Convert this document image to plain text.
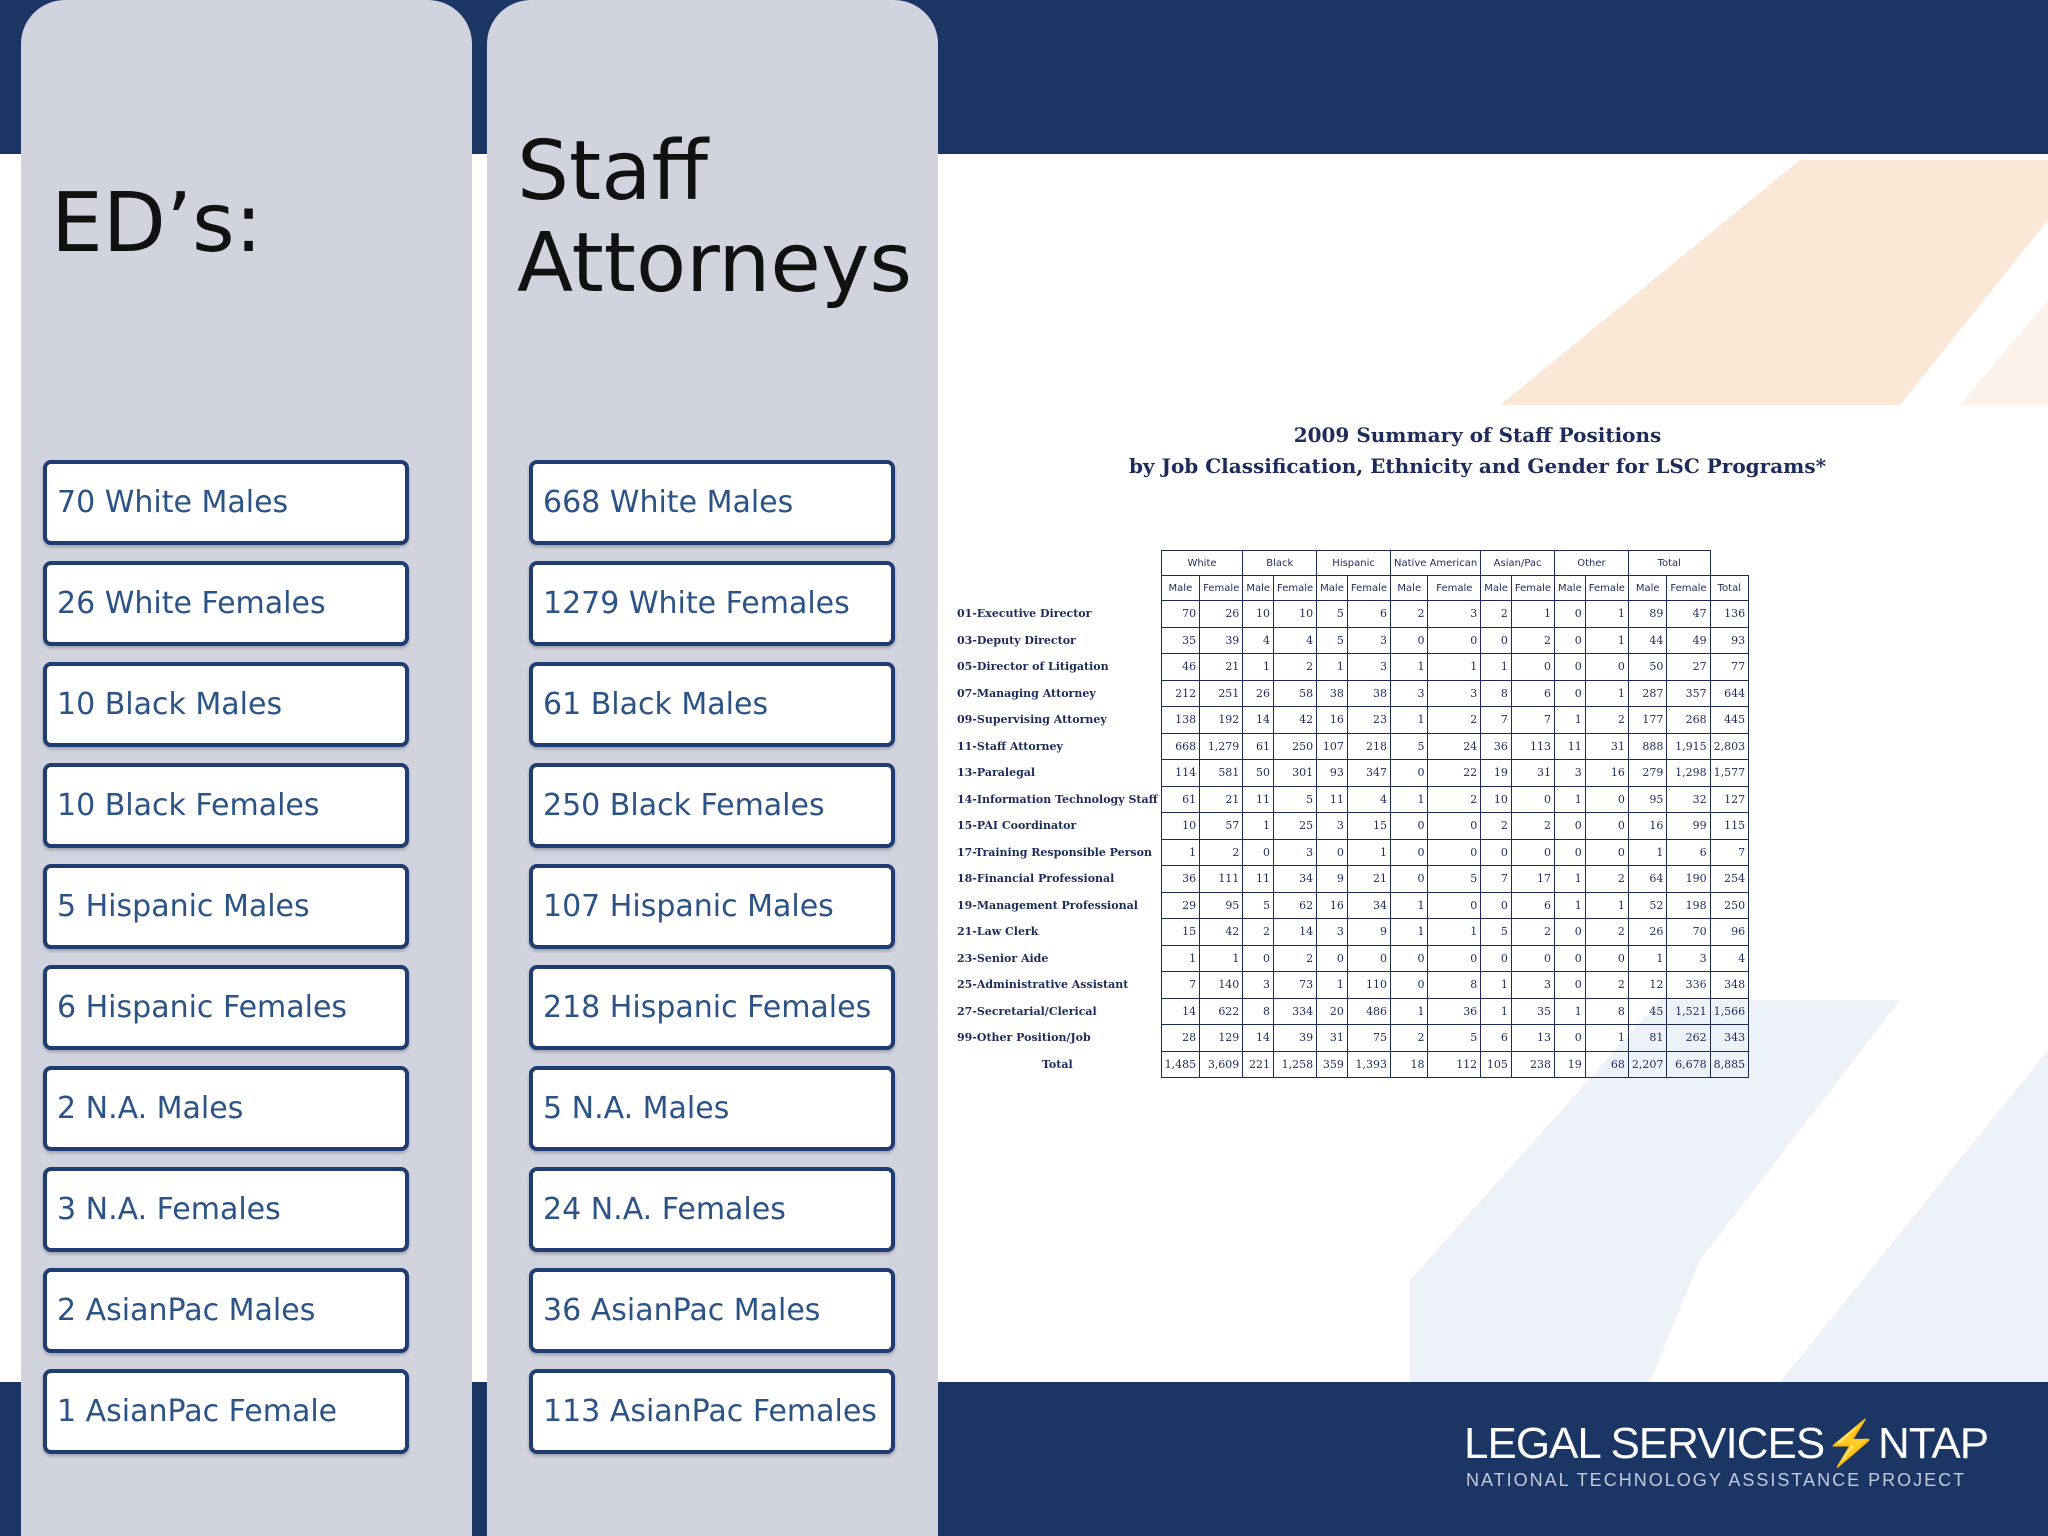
ED’s:
Staff Attorneys
70 White Males
26 White Females
10 Black Males
10 Black Females
5 Hispanic Males
6 Hispanic Females
2 N.A. Males
3 N.A. Females
2 AsianPac Males
1 AsianPac Female
668 White Males
1279 White Females
61 Black Males
250 Black Females
107 Hispanic Males
218 Hispanic Females
5 N.A. Males
24 N.A. Females
36 AsianPac Males
113 AsianPac Females
2009 Summary of Staff Positions
by Job Classification, Ethnicity and Gender for LSC Programs*
	White		Black		Hispanic		Native American		Asian/Pac		Other		Total		
	Male	Female	Male	Female	Male	Female	Male	Female	Male	Female	Male	Female	Male	Female	Total
01-Executive Director	70	26	10	10	5	6	2	3	2	1	0	1	89	47	136
03-Deputy Director	35	39	4	4	5	3	0	0	0	2	0	1	44	49	93
05-Director of Litigation	46	21	1	2	1	3	1	1	1	0	0	0	50	27	77
07-Managing Attorney	212	251	26	58	38	38	3	3	8	6	0	1	287	357	644
09-Supervising Attorney	138	192	14	42	16	23	1	2	7	7	1	2	177	268	445
11-Staff Attorney	668	1,279	61	250	107	218	5	24	36	113	11	31	888	1,915	2,803
13-Paralegal	114	581	50	301	93	347	0	22	19	31	3	16	279	1,298	1,577
14-Information Technology Staff	61	21	11	5	11	4	1	2	10	0	1	0	95	32	127
15-PAI Coordinator	10	57	1	25	3	15	0	0	2	2	0	0	16	99	115
17-Training Responsible Person	1	2	0	3	0	1	0	0	0	0	0	0	1	6	7
18-Financial Professional	36	111	11	34	9	21	0	5	7	17	1	2	64	190	254
19-Management Professional	29	95	5	62	16	34	1	0	0	6	1	1	52	198	250
21-Law Clerk	15	42	2	14	3	9	1	1	5	2	0	2	26	70	96
23-Senior Aide	1	1	0	2	0	0	0	0	0	0	0	0	1	3	4
25-Administrative Assistant	7	140	3	73	1	110	0	8	1	3	0	2	12	336	348
27-Secretarial/Clerical	14	622	8	334	20	486	1	36	1	35	1	8	45	1,521	1,566
99-Other Position/Job	28	129	14	39	31	75	2	5	6	13	0	1	81	262	343
Total	1,485	3,609	221	1,258	359	1,393	18	112	105	238	19	68	2,207	6,678	8,885
LEGAL SERVICES⚡NTAP
NATIONAL TECHNOLOGY ASSISTANCE PROJECT
